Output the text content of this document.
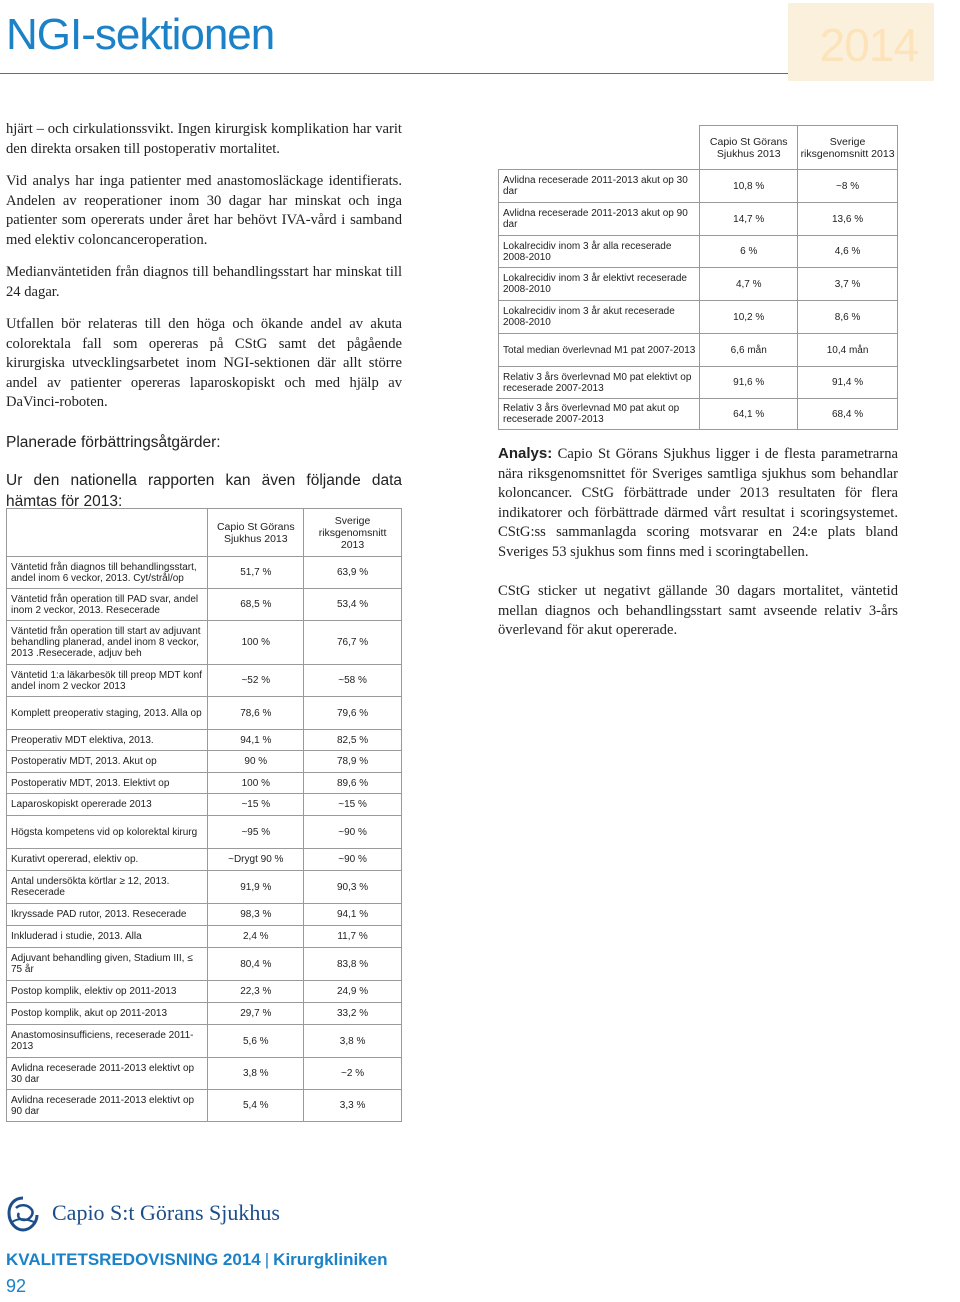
NGI-sektionen	2014

hjärt – och cirkulationssvikt. Ingen kirurgisk komplikation har varit den direkta orsaken till postoperativ mortalitet.

Vid analys har inga patienter med anastomosläckage identifierats. Andelen av reoperationer inom 30 dagar har minskat och inga patienter som opererats under året har behövt IVA-vård i samband med elektiv coloncanceroperation.

Medianväntetiden från diagnos till behandlingsstart har minskat till 24 dagar.

Utfallen bör relateras till den höga och ökande andel av akuta colorektala fall som opereras på CStG samt det pågående kirurgiska utvecklingsarbetet inom NGI-sektionen där allt större andel av patienter opereras laparoskopiskt och med hjälp av DaVinci-roboten.

Planerade förbättringsåtgärder:
Ur den nationella rapporten kan även följande data hämtas för 2013:
	Capio St Görans Sjukhus 2013	Sverige riksgenomsnitt 2013
Avlidna receserade 2011-2013 akut op 30 dar	10,8 %	~8 %
Avlidna receserade 2011-2013 akut op 90 dar	14,7 %	13,6 %
Lokalrecidiv inom 3 år alla receserade 2008-2010	6 %	4,6 %
Lokalrecidiv inom 3 år elektivt receserade 2008-2010	4,7 %	3,7 %
Lokalrecidiv inom 3 år akut receserade 2008-2010	10,2 %	8,6 %
Total median överlevnad M1 pat 2007-2013	6,6 mån	10,4 mån
Relativ 3 års överlevnad M0 pat elektivt op receserade 2007-2013	91,6 %	91,4 %
Relativ 3 års överlevnad M0 pat akut op receserade 2007-2013	64,1 %	68,4 %
	Capio St Görans Sjukhus 2013	Sverige riksgenomsnitt 2013
Väntetid från diagnos till behandlingsstart, andel inom 6 veckor, 2013. Cyt/strål/op	51,7 %	63,9 %
Väntetid från operation till PAD svar, andel inom 2 veckor, 2013. Resecerade	68,5 %	53,4 %
Väntetid från operation till start av adjuvant behandling planerad, andel inom 8 veckor, 2013 .Resecerade, adjuv beh	100 %	76,7 %
Väntetid 1:a läkarbesök till preop MDT konf andel inom 2 veckor 2013	~52 %	~58 %
Komplett preoperativ staging, 2013. Alla op	78,6 %	79,6 %
Preoperativ MDT elektiva, 2013.	94,1 %	82,5 %
Postoperativ MDT, 2013. Akut op	90 %	78,9 %
Postoperativ MDT, 2013. Elektivt op	100 %	89,6 %
Laparoskopiskt opererade 2013	~15 %	~15 %
Högsta kompetens vid op kolorektal kirurg	~95 %	~90 %
Kurativt opererad, elektiv op.	~Drygt 90 %	~90 %
Antal undersökta körtlar ≥ 12, 2013. Resecerade	91,9 %	90,3 %
Ikryssade PAD rutor, 2013. Resecerade	98,3 %	94,1 %
Inkluderad i studie, 2013. Alla	2,4 %	11,7 %
Adjuvant behandling given, Stadium III, ≤ 75 år	80,4 %	83,8 %
Postop komplik, elektiv op 2011-2013	22,3 %	24,9 %
Postop komplik, akut op 2011-2013	29,7 %	33,2 %
Anastomosinsufficiens, receserade 2011-2013	5,6 %	3,8 %
Avlidna receserade 2011-2013 elektivt op 30 dar	3,8 %	~2 %
Avlidna receserade 2011-2013 elektivt op 90 dar	5,4 %	3,3 %

Analys: Capio St Görans Sjukhus ligger i de flesta parametrarna nära riksgenomsnittet för Sveriges samtliga sjukhus som behandlar koloncancer. CStG förbättrade under 2013 resultaten för flera indikatorer och förbättrade därmed vårt resultat i scoringsystemet. CStG:ss sammanlagda scoring motsvarar en 24:e plats bland Sveriges 53 sjukhus som finns med i scoringtabellen.

CStG sticker ut negativt gällande 30 dagars mortalitet, väntetid mellan diagnos och behandlingsstart samt avseende relativ 3-års överlevand för akut opererade.

Capio S:t Görans Sjukhus
KVALITETSREDOVISNING 2014 | Kirurgkliniken
92
